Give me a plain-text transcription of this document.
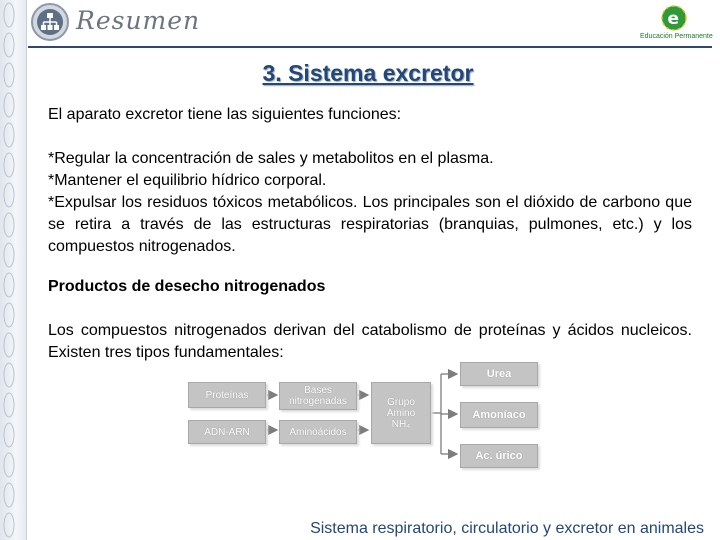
Resumen	e
Educación Permanente
3. Sistema excretor

El aparato excretor tiene las siguientes funciones:

*Regular la concentración de sales y metabolitos en el plasma.

*Mantener el equilibrio hídrico corporal.

*Expulsar los residuos tóxicos metabólicos. Los principales son el dióxido de carbono que se retira a través de las estructuras respiratorias (branquias, pulmones, etc.) y los compuestos nitrogenados.

Productos de desecho nitrogenados

Los compuestos nitrogenados derivan del catabolismo de proteínas y ácidos nucleicos. Existen tres tipos fundamentales:

Proteínas
ADN-ARN
Bases
nitrogenadas
Aminoácidos
Grupo
Amino
NH₄
Urea
Amoníaco
Ac. úrico
Sistema respiratorio, circulatorio y excretor en animales
